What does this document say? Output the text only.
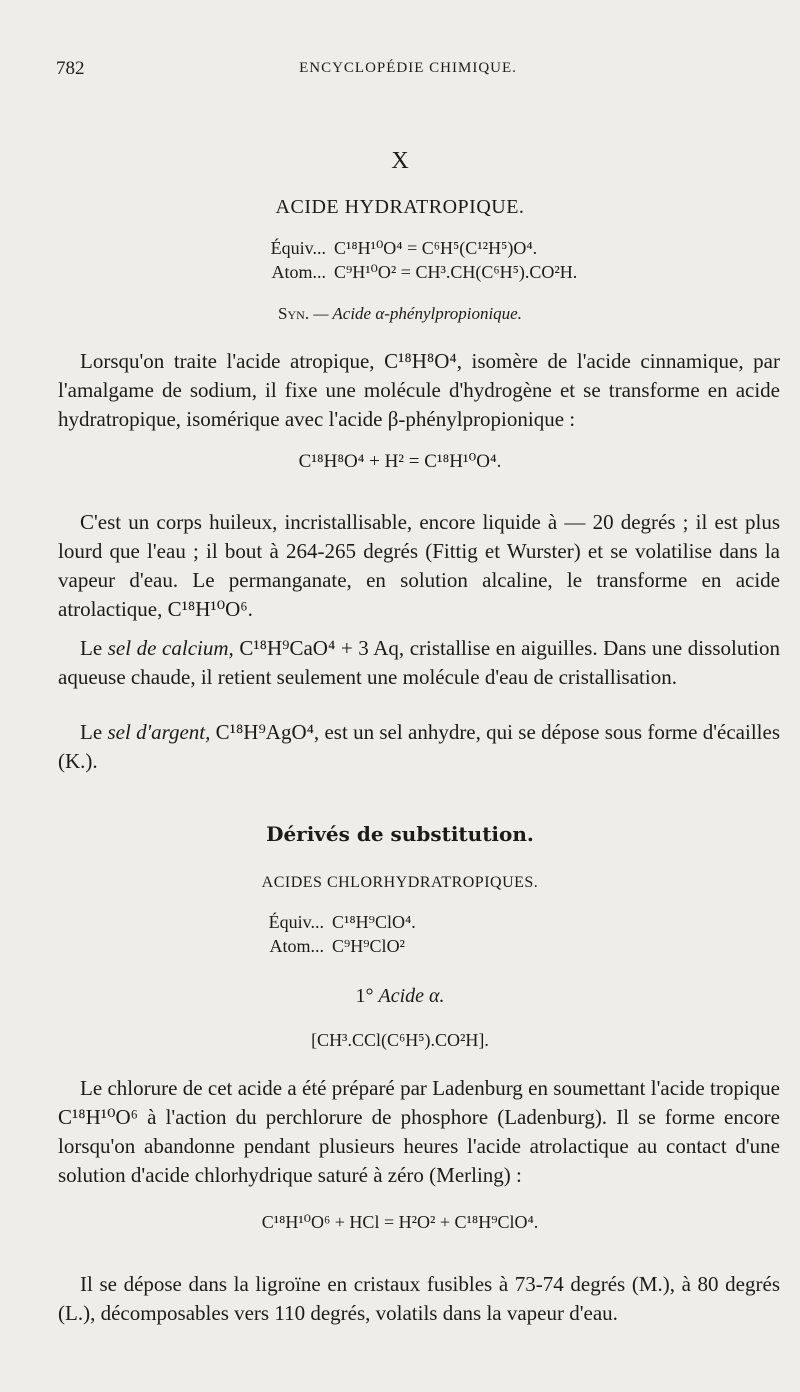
782	ENCYCLOPÉDIE CHIMIQUE.
X
ACIDE HYDRATROPIQUE.
Équiv... C¹⁸H¹⁰O⁴ = C⁶H⁵(C¹²H⁵)O⁴.
Atom... C⁹H¹⁰O² = CH³.CH(C⁶H⁵).CO²H.
Syn. — Acide α-phénylpropionique.
Lorsqu'on traite l'acide atropique, C¹⁸H⁸O⁴, isomère de l'acide cinnamique, par l'amalgame de sodium, il fixe une molécule d'hydrogène et se transforme en acide hydratropique, isomérique avec l'acide β-phénylpropionique :
C¹⁸H⁸O⁴ + H² = C¹⁸H¹⁰O⁴.
C'est un corps huileux, incristallisable, encore liquide à — 20 degrés ; il est plus lourd que l'eau ; il bout à 264-265 degrés (Fittig et Wurster) et se volatilise dans la vapeur d'eau. Le permanganate, en solution alcaline, le transforme en acide atrolactique, C¹⁸H¹⁰O⁶.
Le sel de calcium, C¹⁸H⁹CaO⁴ + 3 Aq, cristallise en aiguilles. Dans une dissolution aqueuse chaude, il retient seulement une molécule d'eau de cristallisation.
Le sel d'argent, C¹⁸H⁹AgO⁴, est un sel anhydre, qui se dépose sous forme d'écailles (K.).
Dérivés de substitution.
ACIDES CHLORHYDRATROPIQUES.
Équiv... C¹⁸H⁹ClO⁴.
Atom... C⁹H⁹ClO²
1° Acide α.
[CH³.CCl(C⁶H⁵).CO²H].
Le chlorure de cet acide a été préparé par Ladenburg en soumettant l'acide tropique C¹⁸H¹⁰O⁶ à l'action du perchlorure de phosphore (Ladenburg). Il se forme encore lorsqu'on abandonne pendant plusieurs heures l'acide atrolactique au contact d'une solution d'acide chlorhydrique saturé à zéro (Merling) :
C¹⁸H¹⁰O⁶ + HCl = H²O² + C¹⁸H⁹ClO⁴.
Il se dépose dans la ligroïne en cristaux fusibles à 73-74 degrés (M.), à 80 degrés (L.), décomposables vers 110 degrés, volatils dans la vapeur d'eau.
